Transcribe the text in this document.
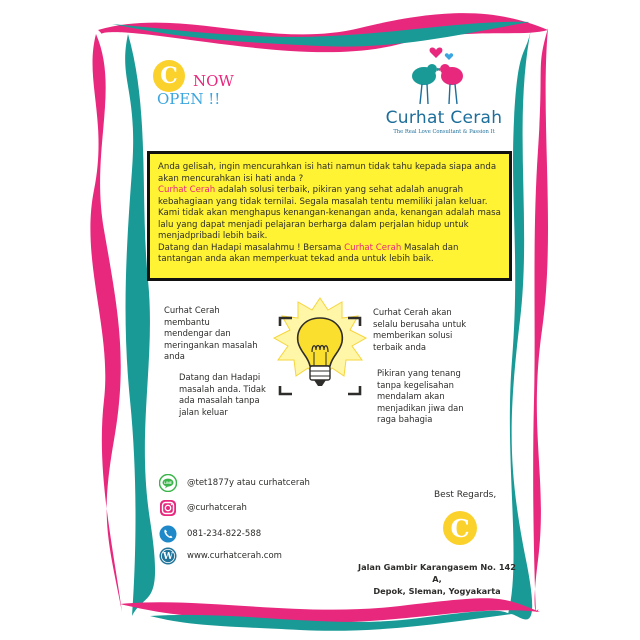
C NOW
OPEN !!
Curhat Cerah
The Real Love Consultant & Passion It

Anda gelisah, ingin mencurahkan isi hati namun tidak tahu kepada siapa anda akan mencurahkan isi hati anda ?

Curhat Cerah adalah solusi terbaik, pikiran yang sehat adalah anugrah kebahagiaan yang tidak ternilai. Segala masalah tentu memiliki jalan keluar. Kami tidak akan menghapus kenangan-kenangan anda, kenangan adalah masa lalu yang dapat menjadi pelajaran berharga dalam perjalan hidup untuk menjadpribadi lebih baik.

Datang dan Hadapi masalahmu ! Bersama Curhat Cerah Masalah dan tantangan anda akan memperkuat tekad anda untuk lebih baik.

Curhat Cerah membantu mendengar dan meringankan masalah anda
Datang dan Hadapi masalah anda. Tidak ada masalah tanpa jalan keluar
Curhat Cerah akan selalu berusaha untuk memberikan solusi terbaik anda
Pikiran yang tenang tanpa kegelisahan mendalam akan menjadikan jiwa dan raga bahagia
LINE @tet1877y atau curhatcerah
@curhatcerah
081-234-822-588
W www.curhatcerah.com
Best Regards,
C
Jalan Gambir Karangasem No. 142 A,
Depok, Sleman, Yogyakarta
